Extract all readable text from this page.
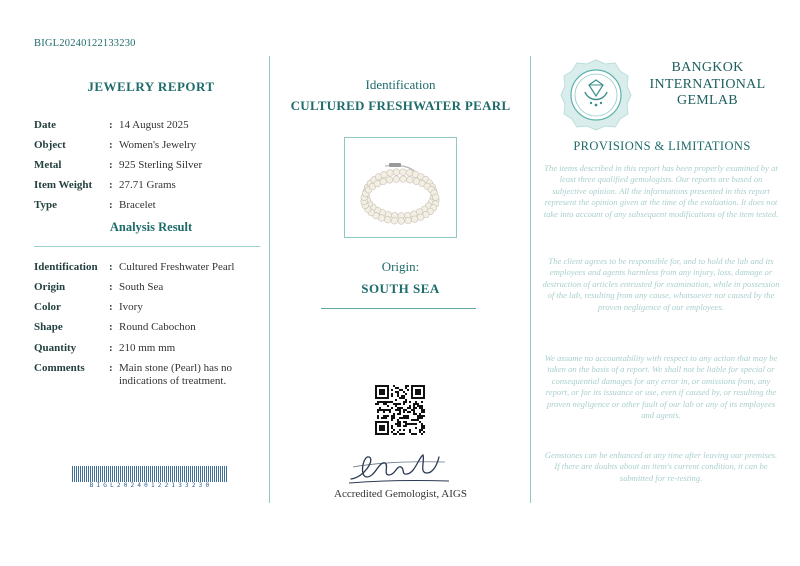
BIGL20240122133230
JEWELRY REPORT
Date	: 14 August 2025
Object	: Women's Jewelry
Metal	: 925 Sterling Silver
Item Weight	: 27.71 Grams
Type	: Bracelet
Analysis Result
Identification	: Cultured Freshwater Pearl
Origin	: South Sea
Color	: Ivory
Shape	: Round Cabochon
Quantity	: 210 mm mm
Comments	: Main stone (Pearl) has no indications of treatment.
BIGL20240122133230
Identification
CULTURED FRESHWATER PEARL
Origin:
SOUTH SEA
Accredited Gemologist, AIGS
BANGKOK
INTERNATIONAL
GEMLAB
PROVISIONS & LIMITATIONS
The items described in this report has been properly examined by at least three qualified gemologists. Our reports are based on subjective opinion. All the informations presented in this report represent the opinion given at the time of the evaluation. It does not take into account of any subsequent modifications of the item tested.
The client agrees to be responsible for, and to hold the lab and its employees and agents harmless from any injury, loss, damage or destruction of articles entrusted for examination, while in possession of the lab, resulting from any cause, whatsoever not caused by the proven negligence of our employees.
We assume no accountability with respect to any action that may be taken on the basis of a report. We shall not be liable for special or consequential damages for any error in, or omissions from, any report, or for its issuance or use, even if caused by, or resulting the proven negligence or other fault of our lab or any of its employees and agents.
Gemstones can be enhanced at any time after leaving our premises. If there are doubts about an item's current condition, it can be submitted for re-testing.
